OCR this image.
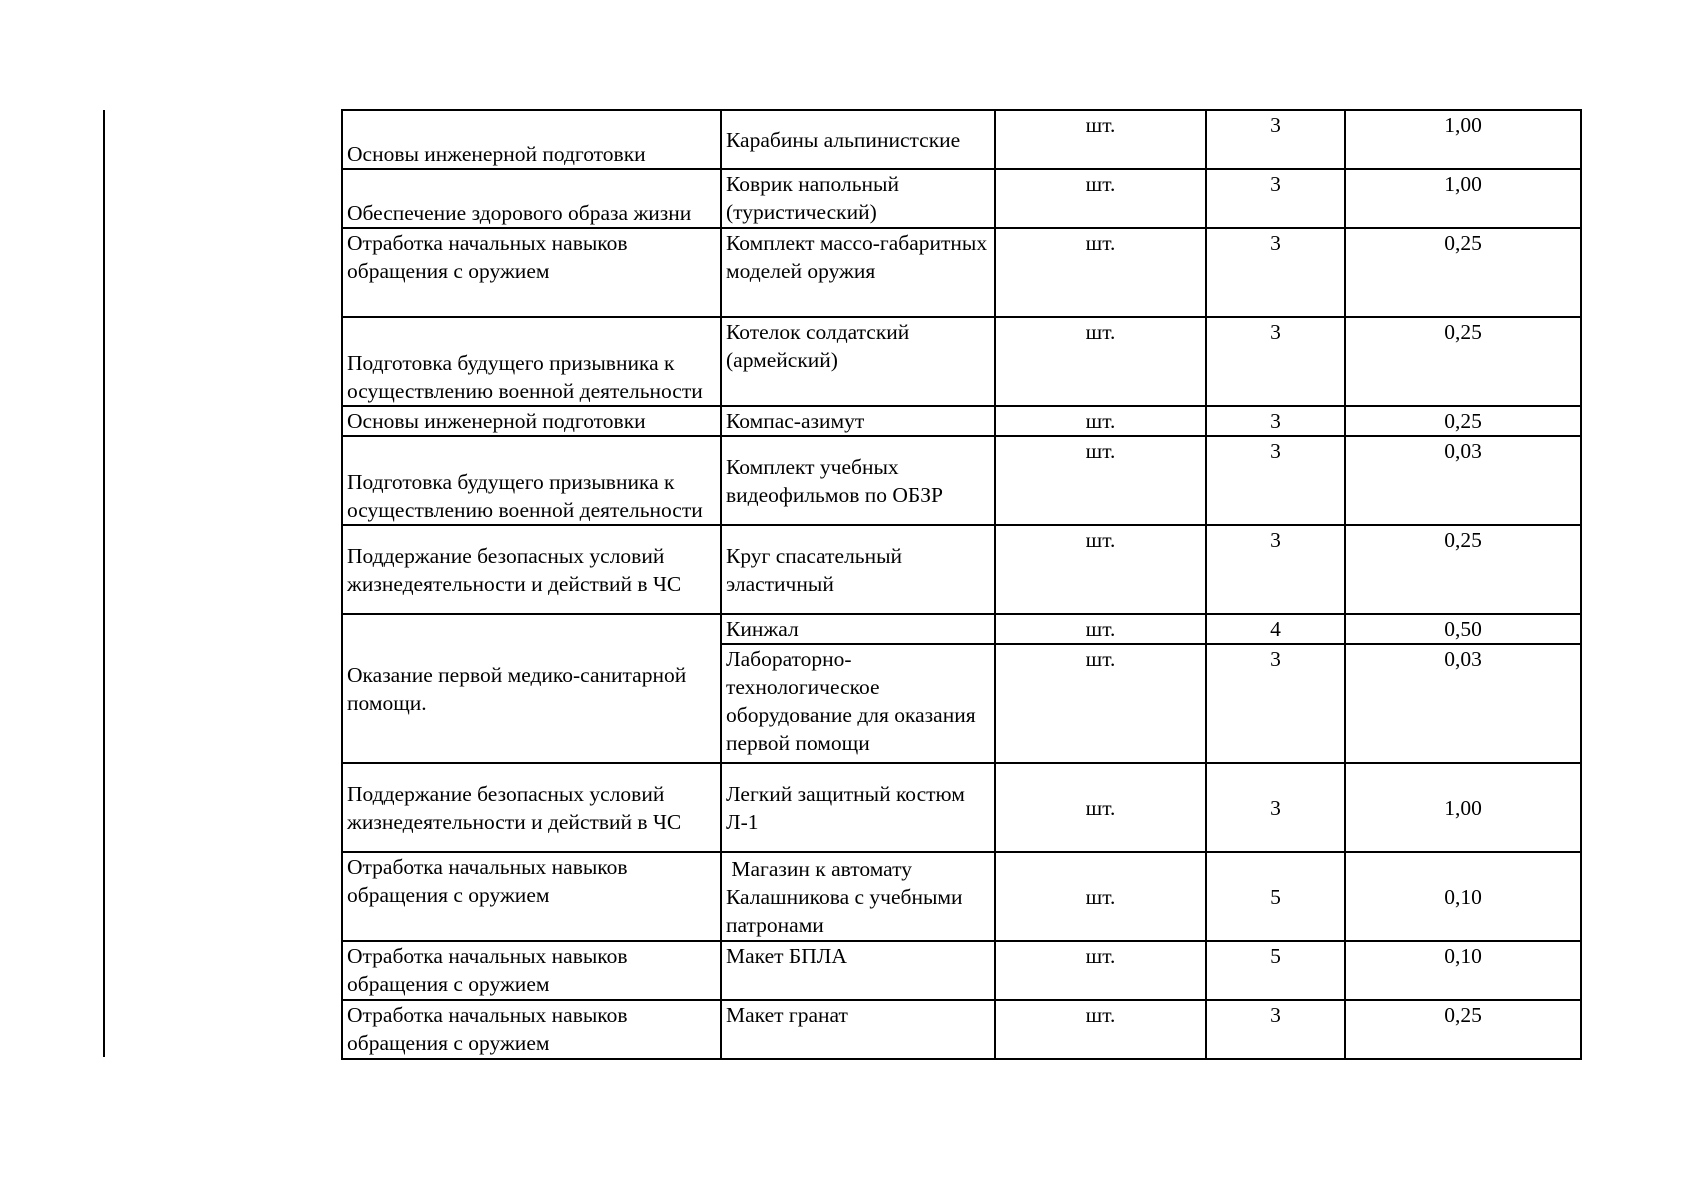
Основы инженерной подготовки	Карабины альпинистские	шт.	3	1,00
Обеспечение здорового образа жизни	Коврик напольный (туристический)	шт.	3	1,00
Отработка начальных навыков обращения с оружием	Комплект массо-габаритных моделей оружия	шт.	3	0,25
Подготовка будущего призывника к осуществлению военной деятельности	Котелок солдатский (армейский)	шт.	3	0,25
Основы инженерной подготовки	Компас-азимут	шт.	3	0,25
Подготовка будущего призывника к осуществлению военной деятельности	Комплект учебных видеофильмов по ОБЗР	шт.	3	0,03
Поддержание безопасных условий жизнедеятельности и действий в ЧС	Круг спасательный эластичный	шт.	3	0,25
Оказание первой медико-санитарной помощи.	Кинжал	шт.	4	0,50
	Лабораторно-технологическое оборудование для оказания первой помощи	шт.	3	0,03
Поддержание безопасных условий жизнедеятельности и действий в ЧС	Легкий защитный костюм Л-1	шт.	3	1,00
Отработка начальных навыков обращения с оружием	Магазин к автомату Калашникова с учебными патронами	шт.	5	0,10
Отработка начальных навыков обращения с оружием	Макет БПЛА	шт.	5	0,10
Отработка начальных навыков обращения с оружием	Макет гранат	шт.	3	0,25
